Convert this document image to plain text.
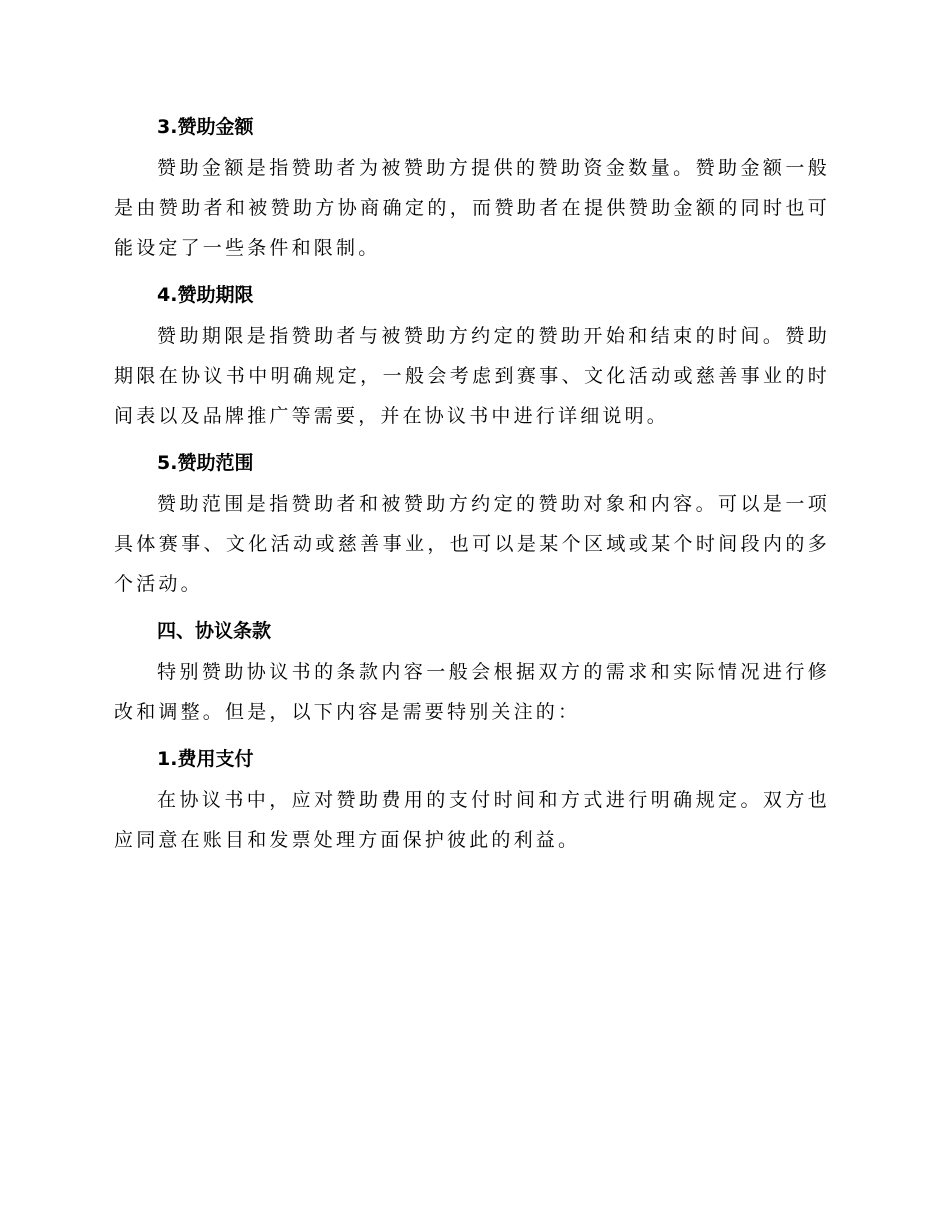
3.赞助金额

赞助金额是指赞助者为被赞助方提供的赞助资金数量。赞助金额一般是由赞助者和被赞助方协商确定的，而赞助者在提供赞助金额的同时也可能设定了一些条件和限制。

4.赞助期限

赞助期限是指赞助者与被赞助方约定的赞助开始和结束的时间。赞助期限在协议书中明确规定，一般会考虑到赛事、文化活动或慈善事业的时间表以及品牌推广等需要，并在协议书中进行详细说明。

5.赞助范围

赞助范围是指赞助者和被赞助方约定的赞助对象和内容。可以是一项具体赛事、文化活动或慈善事业，也可以是某个区域或某个时间段内的多个活动。

四、协议条款

特别赞助协议书的条款内容一般会根据双方的需求和实际情况进行修改和调整。但是，以下内容是需要特别关注的：

1.费用支付

在协议书中，应对赞助费用的支付时间和方式进行明确规定。双方也应同意在账目和发票处理方面保护彼此的利益。
